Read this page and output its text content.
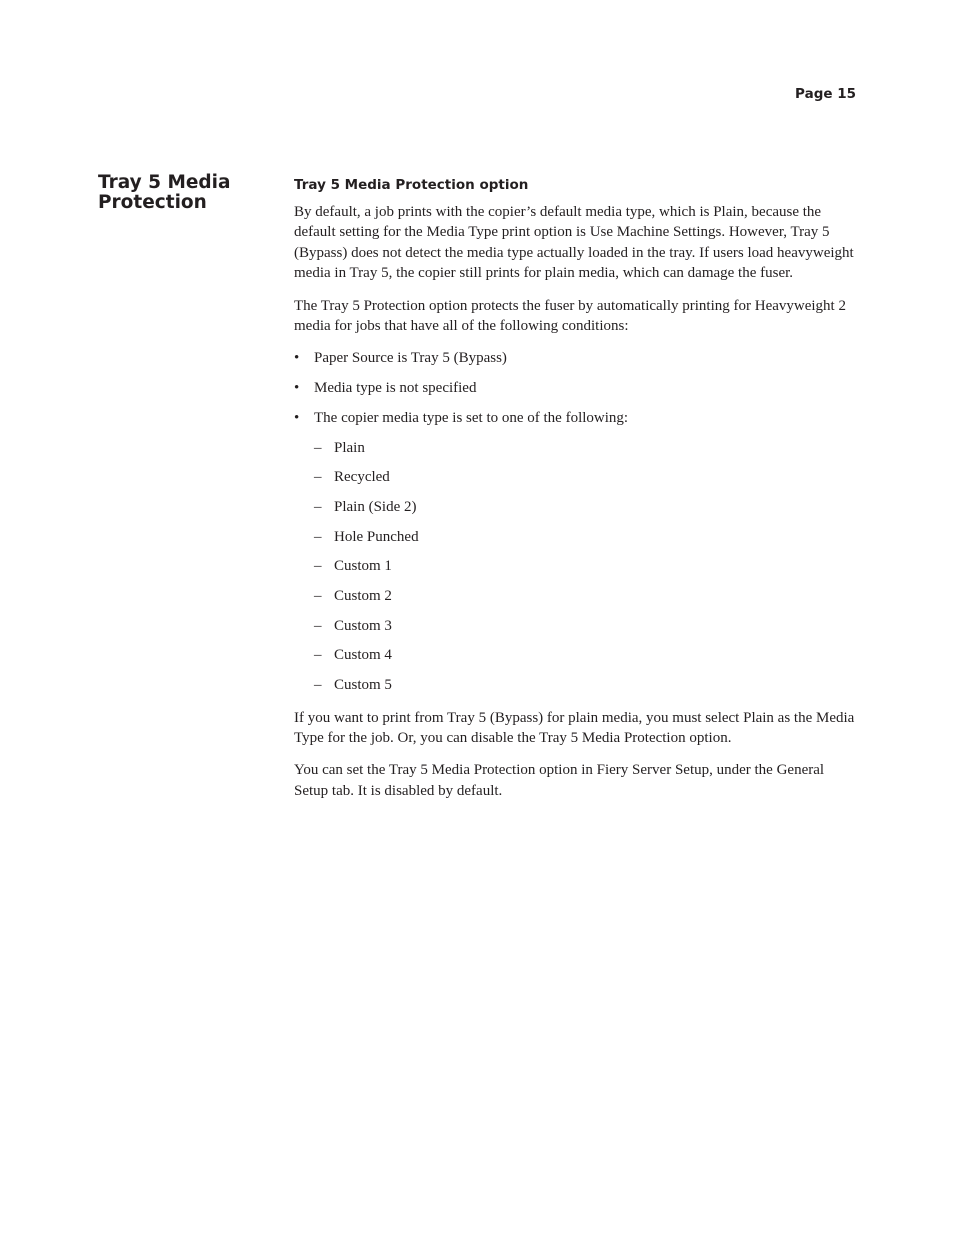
Page 15
Tray 5 Media Protection
Tray 5 Media Protection option

By default, a job prints with the copier’s default media type, which is Plain, because the default setting for the Media Type print option is Use Machine Settings. However, Tray 5 (Bypass) does not detect the media type actually loaded in the tray. If users load heavyweight media in Tray 5, the copier still prints for plain media, which can damage the fuser.

The Tray 5 Protection option protects the fuser by automatically printing for Heavyweight 2 media for jobs that have all of the following conditions:

• Paper Source is Tray 5 (Bypass)
• Media type is not specified
• The copier media type is set to one of the following:
– Plain
– Recycled
– Plain (Side 2)
– Hole Punched
– Custom 1
– Custom 2
– Custom 3
– Custom 4
– Custom 5

If you want to print from Tray 5 (Bypass) for plain media, you must select Plain as the Media Type for the job. Or, you can disable the Tray 5 Media Protection option.

You can set the Tray 5 Media Protection option in Fiery Server Setup, under the General Setup tab. It is disabled by default.
